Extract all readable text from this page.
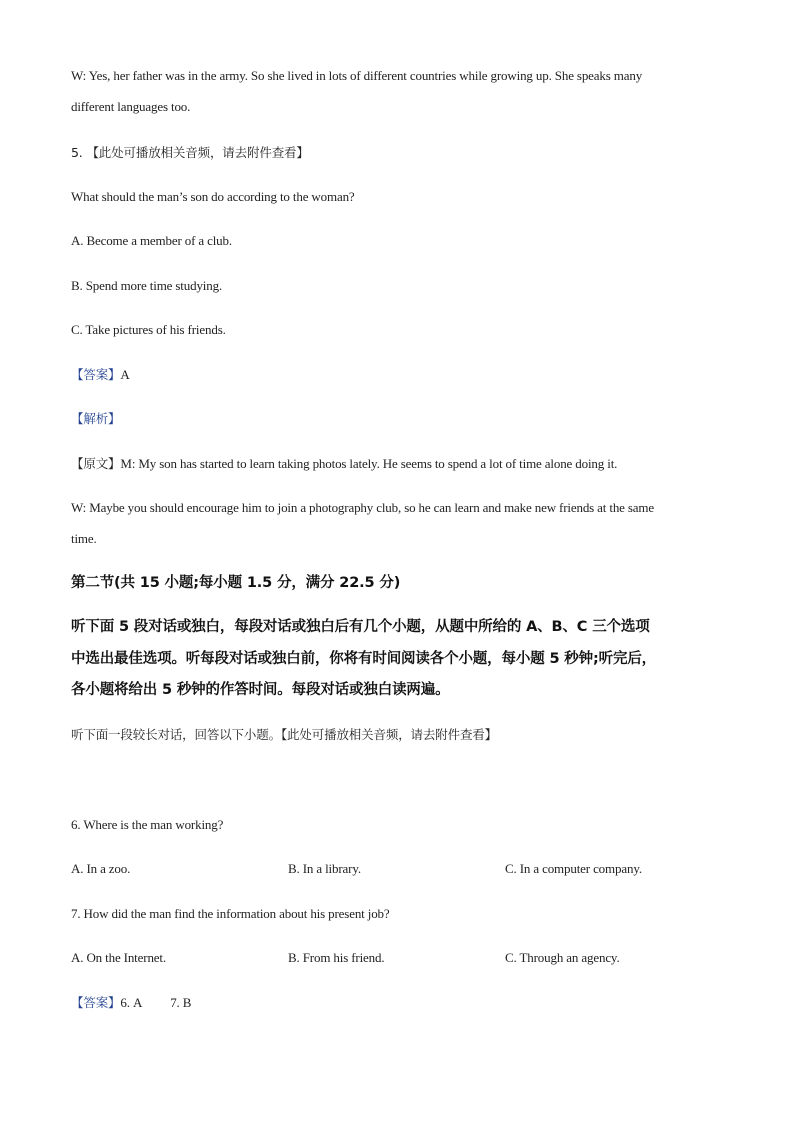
W: Yes, her father was in the army. So she lived in lots of different countries while growing up. She speaks many
different languages too.
5. 【此处可播放相关音频，请去附件查看】
What should the man’s son do according to the woman?
A. Become a member of a club.
B. Spend more time studying.
C. Take pictures of his friends.
【答案】A
【解析】
【原文】M: My son has started to learn taking photos lately. He seems to spend a lot of time alone doing it.
W: Maybe you should encourage him to join a photography club, so he can learn and make new friends at the same
time.
第二节(共 15 小题;每小题 1.5 分，满分 22.5 分)
听下面 5 段对话或独白，每段对话或独白后有几个小题，从题中所给的 A、B、C 三个选项
中选出最佳选项。听每段对话或独白前，你将有时间阅读各个小题，每小题 5 秒钟;听完后，
各小题将给出 5 秒钟的作答时间。每段对话或独白读两遍。
听下面一段较长对话，回答以下小题。【此处可播放相关音频，请去附件查看】
6. Where is the man working?
A. In a zoo.	B. In a library.	C. In a computer company.
7. How did the man find the information about his present job?
A. On the Internet.	B. From his friend.	C. Through an agency.
【答案】6. A 7. B
